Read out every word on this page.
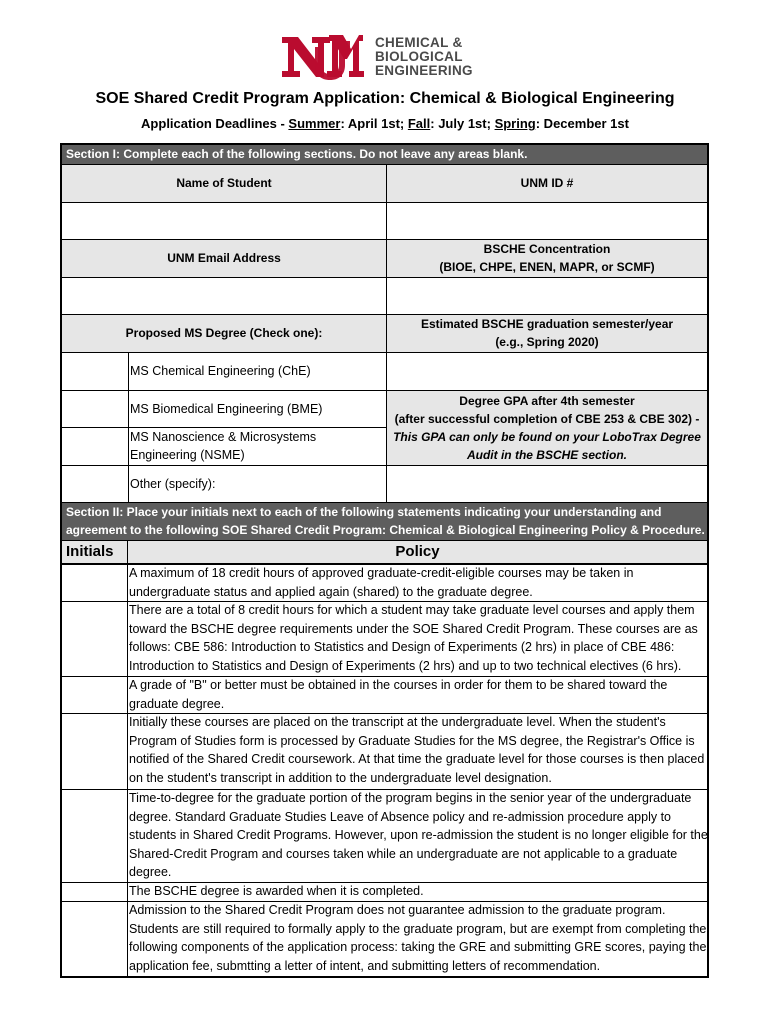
CHEMICAL &
BIOLOGICAL
ENGINEERING
SOE Shared Credit Program Application: Chemical & Biological Engineering
Application Deadlines - Summer: April 1st; Fall: July 1st; Spring: December 1st
Section I: Complete each of the following sections. Do not leave any areas blank.
Name of Student	UNM ID #
UNM Email Address
BSCHE Concentration
(BIOE, CHPE, ENEN, MAPR, or SCMF)
Proposed MS Degree (Check one):
Estimated BSCHE graduation semester/year
(e.g., Spring 2020)
MS Chemical Engineering (ChE)
MS Biomedical Engineering (BME)
MS Nanoscience & Microsystems Engineering (NSME)
Other (specify):
Degree GPA after 4th semester
(after successful completion of CBE 253 & CBE 302) -
This GPA can only be found on your LoboTrax Degree
Audit in the BSCHE section.
Section II: Place your initials next to each of the following statements indicating your understanding and
agreement to the following SOE Shared Credit Program: Chemical & Biological Engineering Policy & Procedure.
Initials	Policy
A maximum of 18 credit hours of approved graduate-credit-eligible courses may be taken in undergraduate status and applied again (shared) to the graduate degree.
There are a total of 8 credit hours for which a student may take graduate level courses and apply them toward the BSCHE degree requirements under the SOE Shared Credit Program. These courses are as follows: CBE 586: Introduction to Statistics and Design of Experiments (2 hrs) in place of CBE 486: Introduction to Statistics and Design of Experiments (2 hrs) and up to two technical electives (6 hrs).
A grade of "B" or better must be obtained in the courses in order for them to be shared toward the graduate degree.
Initially these courses are placed on the transcript at the undergraduate level. When the student's Program of Studies form is processed by Graduate Studies for the MS degree, the Registrar's Office is notified of the Shared Credit coursework. At that time the graduate level for those courses is then placed on the student's transcript in addition to the undergraduate level designation.
Time-to-degree for the graduate portion of the program begins in the senior year of the undergraduate degree. Standard Graduate Studies Leave of Absence policy and re-admission procedure apply to students in Shared Credit Programs. However, upon re-admission the student is no longer eligible for the Shared-Credit Program and courses taken while an undergraduate are not applicable to a graduate degree.
The BSCHE degree is awarded when it is completed.
Admission to the Shared Credit Program does not guarantee admission to the graduate program. Students are still required to formally apply to the graduate program, but are exempt from completing the following components of the application process: taking the GRE and submitting GRE scores, paying the application fee, submtting a letter of intent, and submitting letters of recommendation.
